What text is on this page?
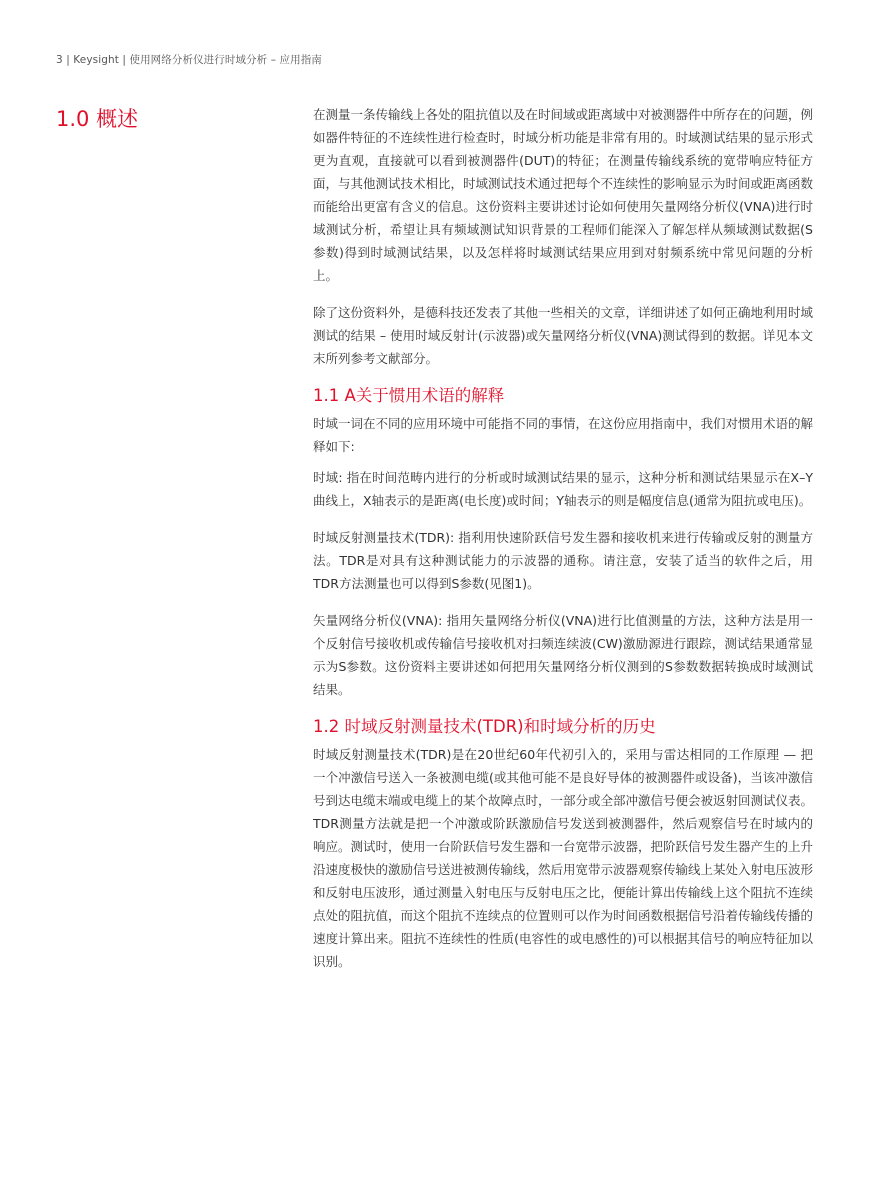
3 | Keysight | 使用网络分析仪进行时域分析 – 应用指南
1.0 概述	在测量一条传输线上各处的阻抗值以及在时间域或距离域中对被测器件中所存在的问题，例如器件特征的不连续性进行检查时，时域分析功能是非常有用的。时域测试结果的显示形式更为直观，直接就可以看到被测器件(DUT)的特征；在测量传输线系统的宽带响应特征方面，与其他测试技术相比，时域测试技术通过把每个不连续性的影响显示为时间或距离函数而能给出更富有含义的信息。这份资料主要讲述讨论如何使用矢量网络分析仪(VNA)进行时域测试分析，希望让具有频域测试知识背景的工程师们能深入了解怎样从频域测试数据(S参数)得到时域测试结果，以及怎样将时域测试结果应用到对射频系统中常见问题的分析上。

除了这份资料外，是德科技还发表了其他一些相关的文章，详细讲述了如何正确地利用时域测试的结果 – 使用时域反射计(示波器)或矢量网络分析仪(VNA)测试得到的数据。详见本文末所列参考文献部分。

1.1 A关于惯用术语的解释

时域一词在不同的应用环境中可能指不同的事情，在这份应用指南中，我们对惯用术语的解释如下:

时域: 指在时间范畴内进行的分析或时域测试结果的显示，这种分析和测试结果显示在X–Y曲线上，X轴表示的是距离(电长度)或时间；Y轴表示的则是幅度信息(通常为阻抗或电压)。

时域反射测量技术(TDR): 指利用快速阶跃信号发生器和接收机来进行传输或反射的测量方法。TDR是对具有这种测试能力的示波器的通称。请注意，安装了适当的软件之后，用TDR方法测量也可以得到S参数(见图1)。

矢量网络分析仪(VNA): 指用矢量网络分析仪(VNA)进行比值测量的方法，这种方法是用一个反射信号接收机或传输信号接收机对扫频连续波(CW)激励源进行跟踪，测试结果通常显示为S参数。这份资料主要讲述如何把用矢量网络分析仪测到的S参数数据转换成时域测试结果。

1.2 时域反射测量技术(TDR)和时域分析的历史

时域反射测量技术(TDR)是在20世纪60年代初引入的，采用与雷达相同的工作原理 — 把一个冲激信号送入一条被测电缆(或其他可能不是良好导体的被测器件或设备)，当该冲激信号到达电缆末端或电缆上的某个故障点时，一部分或全部冲激信号便会被返射回测试仪表。TDR测量方法就是把一个冲激或阶跃激励信号发送到被测器件，然后观察信号在时域内的响应。测试时，使用一台阶跃信号发生器和一台宽带示波器，把阶跃信号发生器产生的上升沿速度极快的激励信号送进被测传输线，然后用宽带示波器观察传输线上某处入射电压波形和反射电压波形，通过测量入射电压与反射电压之比，便能计算出传输线上这个阻抗不连续点处的阻抗值，而这个阻抗不连续点的位置则可以作为时间函数根据信号沿着传输线传播的速度计算出来。阻抗不连续性的性质(电容性的或电感性的)可以根据其信号的响应特征加以识别。
